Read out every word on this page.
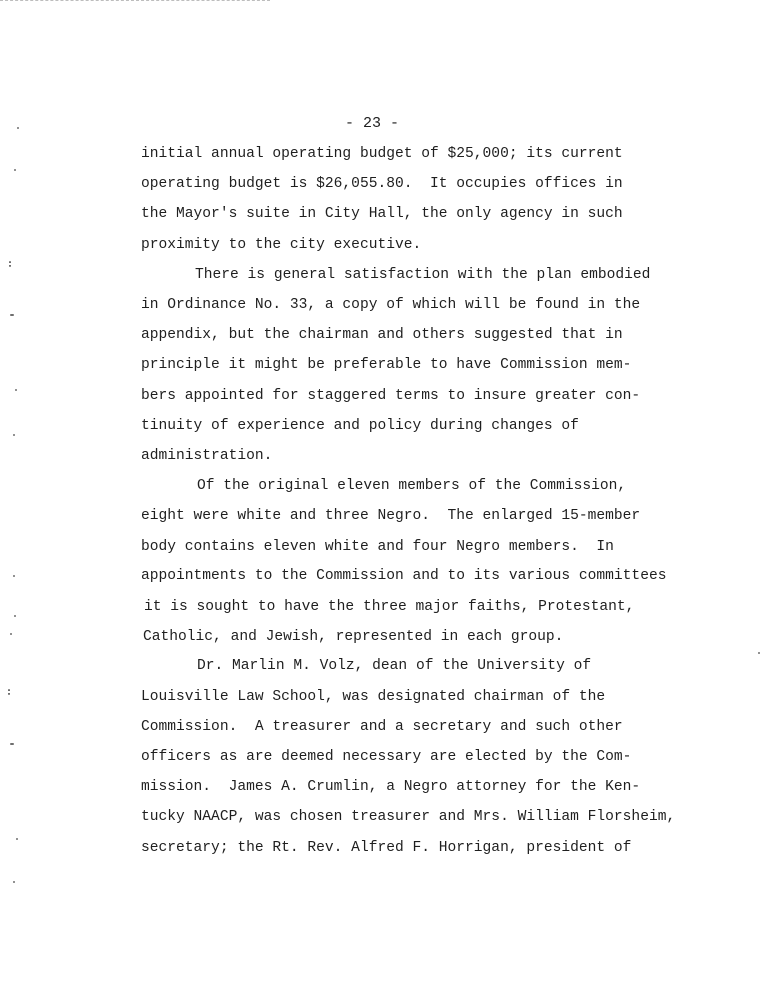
- 23 -
initial annual operating budget of $25,000; its current
operating budget is $26,055.80.  It occupies offices in
the Mayor's suite in City Hall, the only agency in such
proximity to the city executive.
There is general satisfaction with the plan embodied
in Ordinance No. 33, a copy of which will be found in the
appendix, but the chairman and others suggested that in
principle it might be preferable to have Commission mem-
bers appointed for staggered terms to insure greater con-
tinuity of experience and policy during changes of
administration.
Of the original eleven members of the Commission,
eight were white and three Negro.  The enlarged 15-member
body contains eleven white and four Negro members.  In
appointments to the Commission and to its various committees
it is sought to have the three major faiths, Protestant,
Catholic, and Jewish, represented in each group.
Dr. Marlin M. Volz, dean of the University of
Louisville Law School, was designated chairman of the
Commission.  A treasurer and a secretary and such other
officers as are deemed necessary are elected by the Com-
mission.  James A. Crumlin, a Negro attorney for the Ken-
tucky NAACP, was chosen treasurer and Mrs. William Florsheim,
secretary; the Rt. Rev. Alfred F. Horrigan, president of
